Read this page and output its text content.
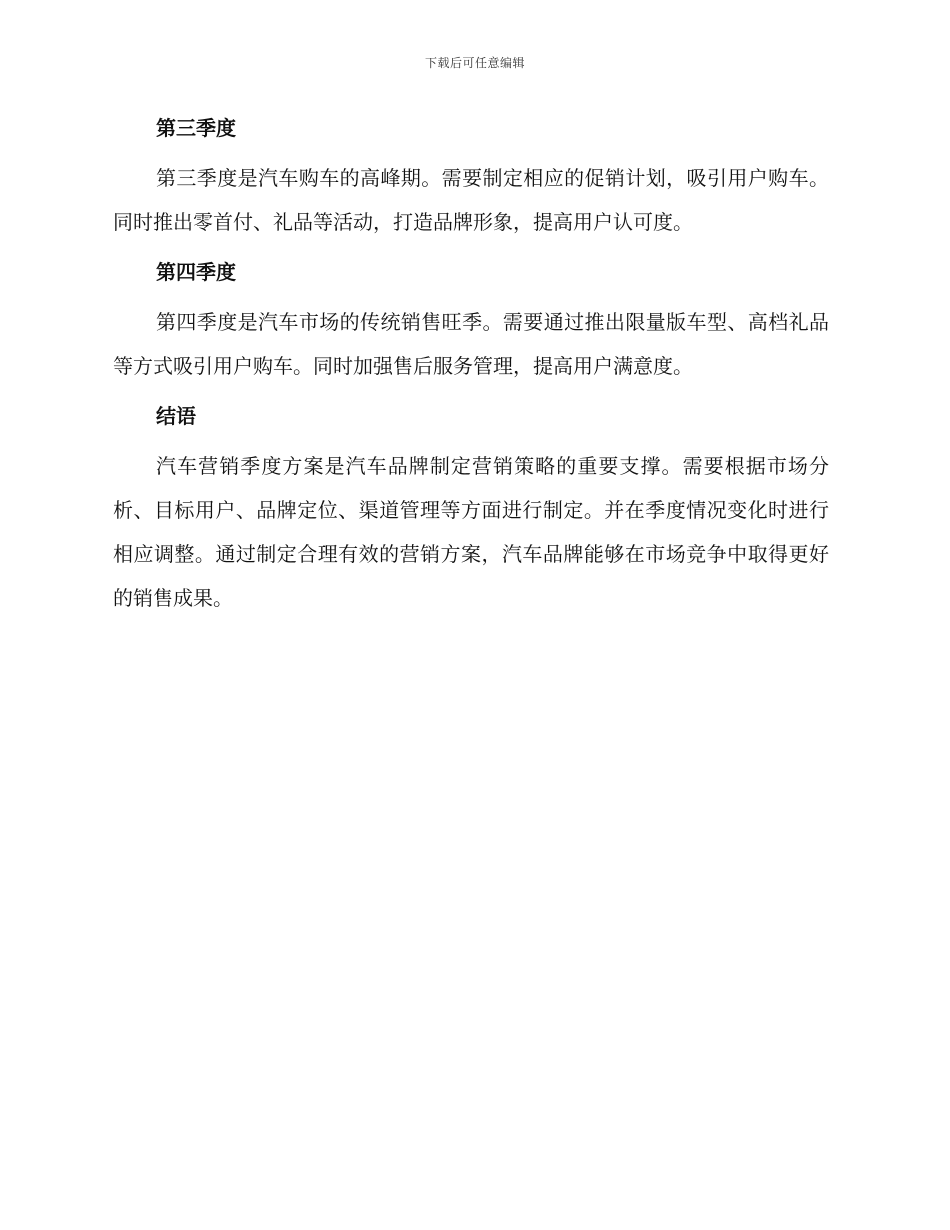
下载后可任意编辑
第三季度

第三季度是汽车购车的高峰期。需要制定相应的促销计划，吸引用户购车。同时推出零首付、礼品等活动，打造品牌形象，提高用户认可度。

第四季度

第四季度是汽车市场的传统销售旺季。需要通过推出限量版车型、高档礼品等方式吸引用户购车。同时加强售后服务管理，提高用户满意度。

结语

汽车营销季度方案是汽车品牌制定营销策略的重要支撑。需要根据市场分析、目标用户、品牌定位、渠道管理等方面进行制定。并在季度情况变化时进行相应调整。通过制定合理有效的营销方案，汽车品牌能够在市场竞争中取得更好的销售成果。
